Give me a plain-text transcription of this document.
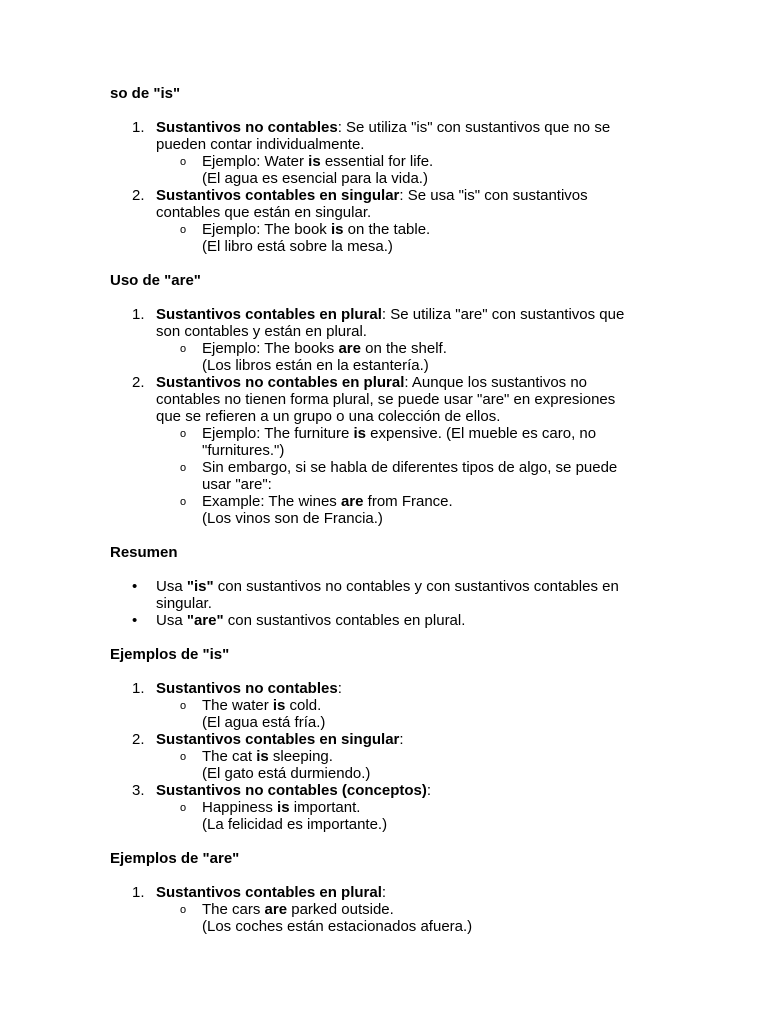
so de "is"
1. Sustantivos no contables: Se utiliza "is" con sustantivos que no se
pueden contar individualmente.
o Ejemplo: Water is essential for life.
(El agua es esencial para la vida.)
2. Sustantivos contables en singular: Se usa "is" con sustantivos
contables que están en singular.
o Ejemplo: The book is on the table.
(El libro está sobre la mesa.)
Uso de "are"
1. Sustantivos contables en plural: Se utiliza "are" con sustantivos que
son contables y están en plural.
o Ejemplo: The books are on the shelf.
(Los libros están en la estantería.)
2. Sustantivos no contables en plural: Aunque los sustantivos no
contables no tienen forma plural, se puede usar "are" en expresiones
que se refieren a un grupo o una colección de ellos.
o Ejemplo: The furniture is expensive. (El mueble es caro, no
"furnitures.")
o Sin embargo, si se habla de diferentes tipos de algo, se puede
usar "are":
o Example: The wines are from France.
(Los vinos son de Francia.)
Resumen
• Usa "is" con sustantivos no contables y con sustantivos contables en
singular.
• Usa "are" con sustantivos contables en plural.
Ejemplos de "is"
1. Sustantivos no contables:
o The water is cold.
(El agua está fría.)
2. Sustantivos contables en singular:
o The cat is sleeping.
(El gato está durmiendo.)
3. Sustantivos no contables (conceptos):
o Happiness is important.
(La felicidad es importante.)
Ejemplos de "are"
1. Sustantivos contables en plural:
o The cars are parked outside.
(Los coches están estacionados afuera.)
